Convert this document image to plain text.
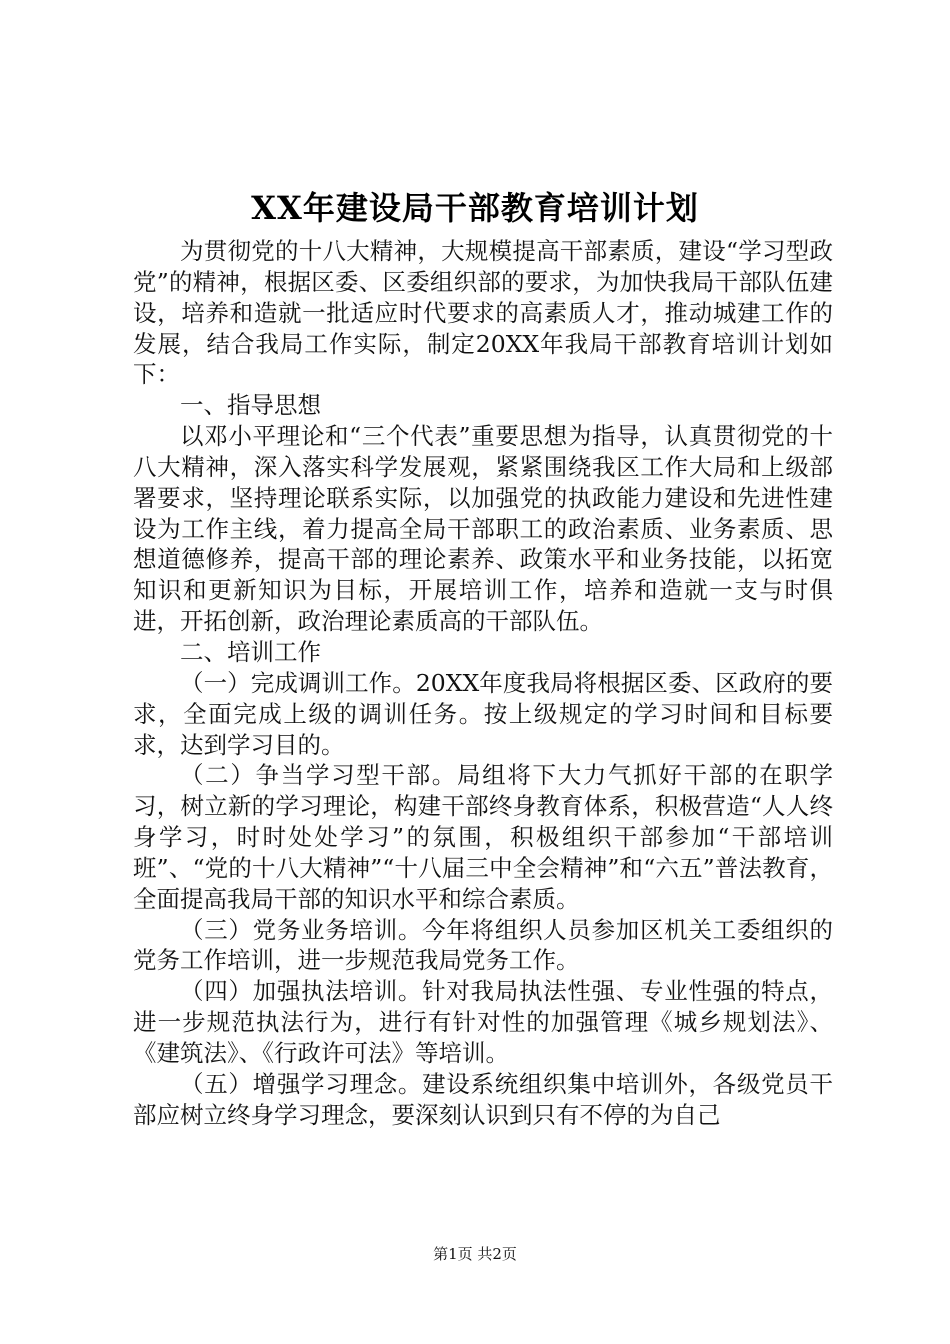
XX年建设局干部教育培训计划

为贯彻党的十八大精神，大规模提高干部素质，建设“学习型政党”的精神，根据区委、区委组织部的要求，为加快我局干部队伍建设，培养和造就一批适应时代要求的高素质人才，推动城建工作的发展，结合我局工作实际，制定20XX年我局干部教育培训计划如下：

一、指导思想

以邓小平理论和“三个代表”重要思想为指导，认真贯彻党的十八大精神，深入落实科学发展观，紧紧围绕我区工作大局和上级部署要求，坚持理论联系实际，以加强党的执政能力建设和先进性建设为工作主线，着力提高全局干部职工的政治素质、业务素质、思想道德修养，提高干部的理论素养、政策水平和业务技能，以拓宽知识和更新知识为目标，开展培训工作，培养和造就一支与时俱进，开拓创新，政治理论素质高的干部队伍。

二、培训工作

（一）完成调训工作。20XX年度我局将根据区委、区政府的要求，全面完成上级的调训任务。按上级规定的学习时间和目标要求，达到学习目的。

（二）争当学习型干部。局组将下大力气抓好干部的在职学习，树立新的学习理论，构建干部终身教育体系，积极营造“人人终身学习，时时处处学习”的氛围，积极组织干部参加“干部培训班”、“党的十八大精神”“十八届三中全会精神”和“六五”普法教育，全面提高我局干部的知识水平和综合素质。

（三）党务业务培训。今年将组织人员参加区机关工委组织的党务工作培训，进一步规范我局党务工作。

（四）加强执法培训。针对我局执法性强、专业性强的特点，进一步规范执法行为，进行有针对性的加强管理《城乡规划法》、《建筑法》、《行政许可法》等培训。

（五）增强学习理念。建设系统组织集中培训外，各级党员干部应树立终身学习理念，要深刻认识到只有不停的为自己

第1页 共2页
